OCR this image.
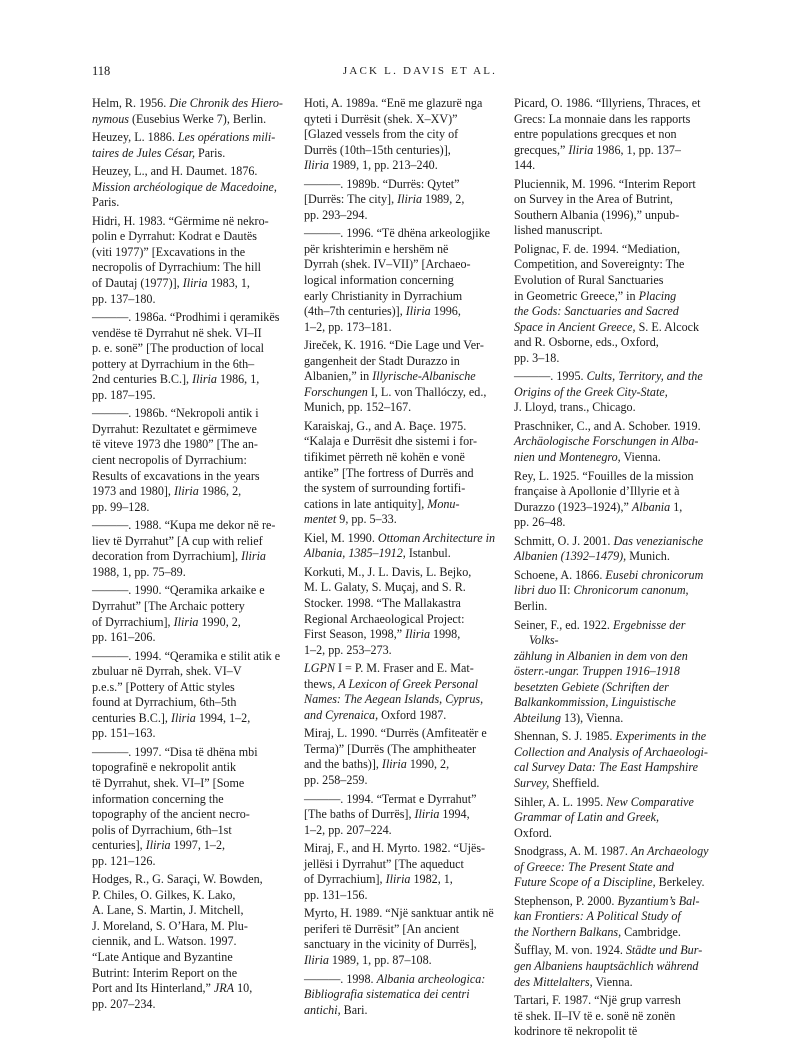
118	JACK L. DAVIS ET AL.
Helm, R. 1956. Die Chronik des Hiero-
nymous (Eusebius Werke 7), Berlin.
Heuzey, L. 1886. Les opérations mili-
taires de Jules César, Paris.
Heuzey, L., and H. Daumet. 1876.
Mission archéologique de Macedoine,
Paris.
Hidri, H. 1983. “Gërmime në nekro-
polin e Dyrrahut: Kodrat e Dautës
(viti 1977)” [Excavations in the
necropolis of Dyrrachium: The hill
of Dautaj (1977)], Iliria 1983, 1,
pp. 137–180.
———. 1986a. “Prodhimi i qeramikës
vendëse të Dyrrahut në shek. VI–II
p. e. sonë” [The production of local
pottery at Dyrrachium in the 6th–
2nd centuries B.C.], Iliria 1986, 1,
pp. 187–195.
———. 1986b. “Nekropoli antik i
Dyrrahut: Rezultatet e gërmimeve
të viteve 1973 dhe 1980” [The an-
cient necropolis of Dyrrachium:
Results of excavations in the years
1973 and 1980], Iliria 1986, 2,
pp. 99–128.
———. 1988. “Kupa me dekor në re-
liev të Dyrrahut” [A cup with relief
decoration from Dyrrachium], Iliria
1988, 1, pp. 75–89.
———. 1990. “Qeramika arkaike e
Dyrrahut” [The Archaic pottery
of Dyrrachium], Iliria 1990, 2,
pp. 161–206.
———. 1994. “Qeramika e stilit atik e
zbuluar në Dyrrah, shek. VI–V
p.e.s.” [Pottery of Attic styles
found at Dyrrachium, 6th–5th
centuries B.C.], Iliria 1994, 1–2,
pp. 151–163.
———. 1997. “Disa të dhëna mbi
topografinë e nekropolit antik
të Dyrrahut, shek. VI–I” [Some
information concerning the
topography of the ancient necro-
polis of Dyrrachium, 6th–1st
centuries], Iliria 1997, 1–2,
pp. 121–126.
Hodges, R., G. Saraçi, W. Bowden,
P. Chiles, O. Gilkes, K. Lako,
A. Lane, S. Martin, J. Mitchell,
J. Moreland, S. O’Hara, M. Plu-
ciennik, and L. Watson. 1997.
“Late Antique and Byzantine
Butrint: Interim Report on the
Port and Its Hinterland,” JRA 10,
pp. 207–234.
Hoti, A. 1989a. “Enë me glazurë nga
qyteti i Durrësit (shek. X–XV)”
[Glazed vessels from the city of
Durrës (10th–15th centuries)],
Iliria 1989, 1, pp. 213–240.
———. 1989b. “Durrës: Qytet”
[Durrës: The city], Iliria 1989, 2,
pp. 293–294.
———. 1996. “Të dhëna arkeologjike
për krishterimin e hershëm në
Dyrrah (shek. IV–VII)” [Archaeo-
logical information concerning
early Christianity in Dyrrachium
(4th–7th centuries)], Iliria 1996,
1–2, pp. 173–181.
Jireček, K. 1916. “Die Lage und Ver-
gangenheit der Stadt Durazzo in
Albanien,” in Illyrische-Albanische
Forschungen I, L. von Thallóczy, ed.,
Munich, pp. 152–167.
Karaiskaj, G., and A. Baçe. 1975.
“Kalaja e Durrësit dhe sistemi i for-
tifikimet përreth në kohën e vonë
antike” [The fortress of Durrës and
the system of surrounding fortifi-
cations in late antiquity], Monu-
mentet 9, pp. 5–33.
Kiel, M. 1990. Ottoman Architecture in
Albania, 1385–1912, Istanbul.
Korkuti, M., J. L. Davis, L. Bejko,
M. L. Galaty, S. Muçaj, and S. R.
Stocker. 1998. “The Mallakastra
Regional Archaeological Project:
First Season, 1998,” Iliria 1998,
1–2, pp. 253–273.
LGPN I = P. M. Fraser and E. Mat-
thews, A Lexicon of Greek Personal
Names: The Aegean Islands, Cyprus,
and Cyrenaica, Oxford 1987.
Miraj, L. 1990. “Durrës (Amfiteatër e
Terma)” [Durrës (The amphitheater
and the baths)], Iliria 1990, 2,
pp. 258–259.
———. 1994. “Termat e Dyrrahut”
[The baths of Durrës], Iliria 1994,
1–2, pp. 207–224.
Miraj, F., and H. Myrto. 1982. “Ujës-
jellësi i Dyrrahut” [The aqueduct
of Dyrrachium], Iliria 1982, 1,
pp. 131–156.
Myrto, H. 1989. “Një sanktuar antik në
periferi të Durrësit” [An ancient
sanctuary in the vicinity of Durrës],
Iliria 1989, 1, pp. 87–108.
———. 1998. Albania archeologica:
Bibliografia sistematica dei centri
antichi, Bari.
Picard, O. 1986. “Illyriens, Thraces, et
Grecs: La monnaie dans les rapports
entre populations grecques et non
grecques,” Iliria 1986, 1, pp. 137–
144.
Pluciennik, M. 1996. “Interim Report
on Survey in the Area of Butrint,
Southern Albania (1996),” unpub-
lished manuscript.
Polignac, F. de. 1994. “Mediation,
Competition, and Sovereignty: The
Evolution of Rural Sanctuaries
in Geometric Greece,” in Placing
the Gods: Sanctuaries and Sacred
Space in Ancient Greece, S. E. Alcock
and R. Osborne, eds., Oxford,
pp. 3–18.
———. 1995. Cults, Territory, and the
Origins of the Greek City-State,
J. Lloyd, trans., Chicago.
Praschniker, C., and A. Schober. 1919.
Archäologische Forschungen in Alba-
nien und Montenegro, Vienna.
Rey, L. 1925. “Fouilles de la mission
française à Apollonie d’Illyrie et à
Durazzo (1923–1924),” Albania 1,
pp. 26–48.
Schmitt, O. J. 2001. Das venezianische
Albanien (1392–1479), Munich.
Schoene, A. 1866. Eusebi chronicorum
libri duo II: Chronicorum canonum,
Berlin.
Seiner, F., ed. 1922. Ergebnisse der Volks-
zählung in Albanien in dem von den
österr.-ungar. Truppen 1916–1918
besetzten Gebiete (Schriften der
Balkankommission, Linguistische
Abteilung 13), Vienna.
Shennan, S. J. 1985. Experiments in the
Collection and Analysis of Archaeologi-
cal Survey Data: The East Hampshire
Survey, Sheffield.
Sihler, A. L. 1995. New Comparative
Grammar of Latin and Greek,
Oxford.
Snodgrass, A. M. 1987. An Archaeology
of Greece: The Present State and
Future Scope of a Discipline, Berkeley.
Stephenson, P. 2000. Byzantium’s Bal-
kan Frontiers: A Political Study of
the Northern Balkans, Cambridge.
Šufflay, M. von. 1924. Städte und Bur-
gen Albaniens hauptsächlich während
des Mittelalters, Vienna.
Tartari, F. 1987. “Një grup varresh
të shek. II–IV të e. sonë në zonën
kodrinore të nekropolit të
